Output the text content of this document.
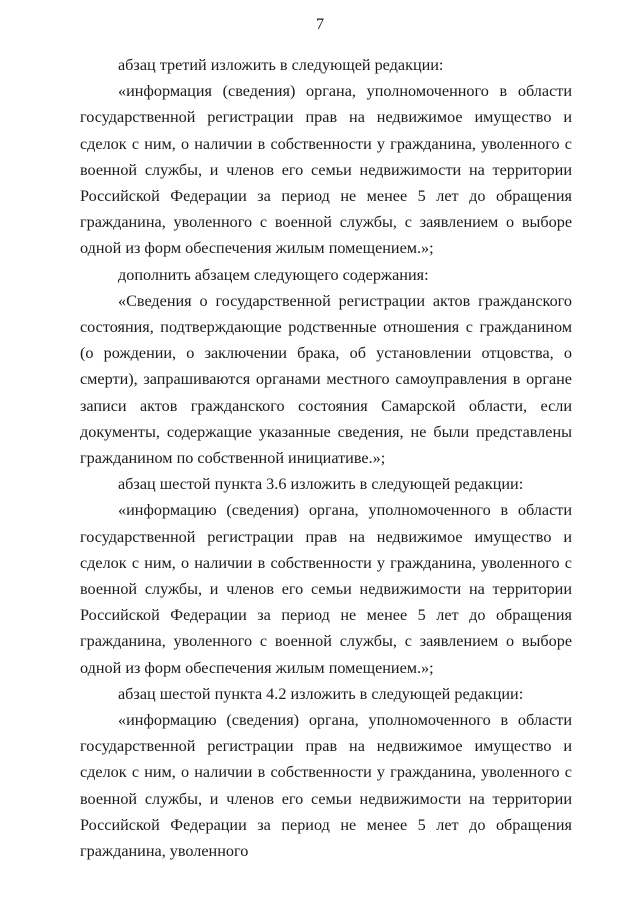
7

абзац третий изложить в следующей редакции:

«информация (сведения) органа, уполномоченного в области государственной регистрации прав на недвижимое имущество и сделок с ним, о наличии в собственности у гражданина, уволенного с военной службы, и членов его семьи недвижимости на территории Российской Федерации за период не менее 5 лет до обращения гражданина, уволенного с военной службы, с заявлением о выборе одной из форм обеспечения жилым помещением.»;

дополнить абзацем следующего содержания:

«Сведения о государственной регистрации актов гражданского состояния, подтверждающие родственные отношения с гражданином (о рождении, о заключении брака, об установлении отцовства, о смерти), запрашиваются органами местного самоуправления в органе записи актов гражданского состояния Самарской области, если документы, содержащие указанные сведения, не были представлены гражданином по собственной инициативе.»;

абзац шестой пункта 3.6 изложить в следующей редакции:

«информацию (сведения) органа, уполномоченного в области государственной регистрации прав на недвижимое имущество и сделок с ним, о наличии в собственности у гражданина, уволенного с военной службы, и членов его семьи недвижимости на территории Российской Федерации за период не менее 5 лет до обращения гражданина, уволенного с военной службы, с заявлением о выборе одной из форм обеспечения жилым помещением.»;

абзац шестой пункта 4.2 изложить в следующей редакции:

«информацию (сведения) органа, уполномоченного в области государственной регистрации прав на недвижимое имущество и сделок с ним, о наличии в собственности у гражданина, уволенного с военной службы, и членов его семьи недвижимости на территории Российской Федерации за период не менее 5 лет до обращения гражданина, уволенного
